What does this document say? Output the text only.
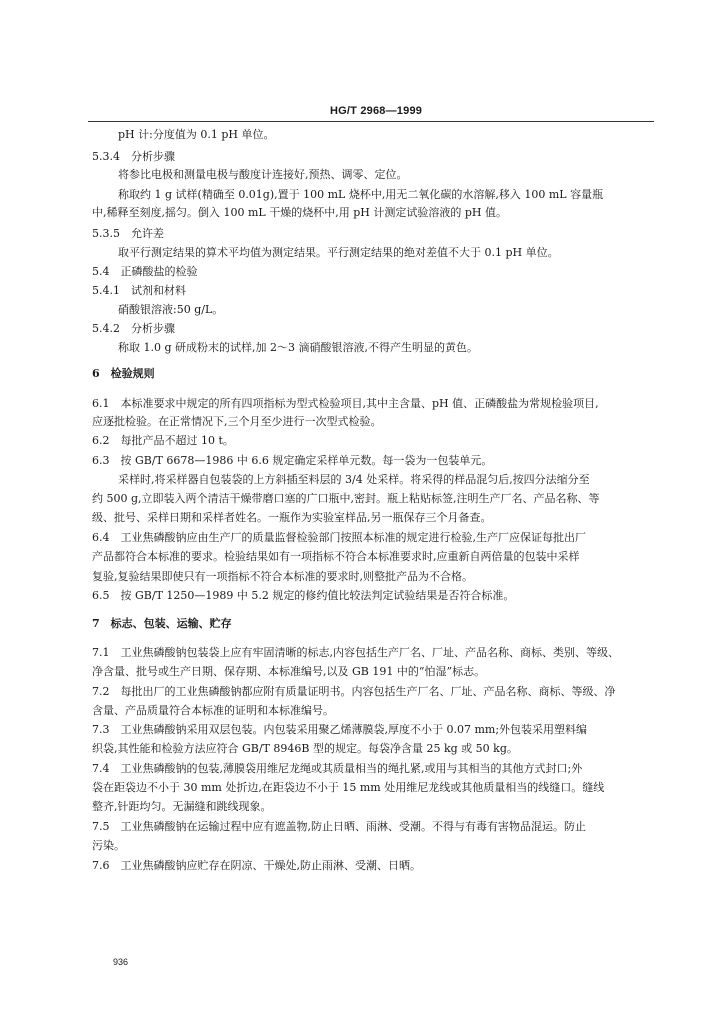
HG/T 2968—1999
pH 计:分度值为 0.1 pH 单位。
5.3.4　分析步骤
将参比电极和测量电极与酸度计连接好,预热、调零、定位。
称取约 1 g 试样(精确至 0.01g),置于 100 mL 烧杯中,用无二氧化碳的水溶解,移入 100 mL 容量瓶
中,稀释至刻度,摇匀。倒入 100 mL 干燥的烧杯中,用 pH 计测定试验溶液的 pH 值。
5.3.5　允许差
取平行测定结果的算术平均值为测定结果。平行测定结果的绝对差值不大于 0.1 pH 单位。
5.4　正磷酸盐的检验
5.4.1　试剂和材料
硝酸银溶液:50 g/L。
5.4.2　分析步骤
称取 1.0 g 研成粉末的试样,加 2～3 滴硝酸银溶液,不得产生明显的黄色。
6　检验规则
6.1　本标准要求中规定的所有四项指标为型式检验项目,其中主含量、pH 值、正磷酸盐为常规检验项目,
应逐批检验。在正常情况下,三个月至少进行一次型式检验。
6.2　每批产品不超过 10 t。
6.3　按 GB/T 6678—1986 中 6.6 规定确定采样单元数。每一袋为一包装单元。
采样时,将采样器自包装袋的上方斜插至料层的 3/4 处采样。将采得的样品混匀后,按四分法缩分至
约 500 g,立即装入两个清洁干燥带磨口塞的广口瓶中,密封。瓶上粘贴标签,注明生产厂名、产品名称、等
级、批号、采样日期和采样者姓名。一瓶作为实验室样品,另一瓶保存三个月备查。
6.4　工业焦磷酸钠应由生产厂的质量监督检验部门按照本标准的规定进行检验,生产厂应保证每批出厂
产品都符合本标准的要求。检验结果如有一项指标不符合本标准要求时,应重新自两倍量的包装中采样
复验,复验结果即使只有一项指标不符合本标准的要求时,则整批产品为不合格。
6.5　按 GB/T 1250—1989 中 5.2 规定的修约值比较法判定试验结果是否符合标准。
7　标志、包装、运输、贮存
7.1　工业焦磷酸钠包装袋上应有牢固清晰的标志,内容包括生产厂名、厂址、产品名称、商标、类别、等级、
净含量、批号或生产日期、保存期、本标准编号,以及 GB 191 中的“怕湿”标志。
7.2　每批出厂的工业焦磷酸钠都应附有质量证明书。内容包括生产厂名、厂址、产品名称、商标、等级、净
含量、产品质量符合本标准的证明和本标准编号。
7.3　工业焦磷酸钠采用双层包装。内包装采用聚乙烯薄膜袋,厚度不小于 0.07 mm;外包装采用塑料编
织袋,其性能和检验方法应符合 GB/T 8946B 型的规定。每袋净含量 25 kg 或 50 kg。
7.4　工业焦磷酸钠的包装,薄膜袋用维尼龙绳或其质量相当的绳扎紧,或用与其相当的其他方式封口;外
袋在距袋边不小于 30 mm 处折边,在距袋边不小于 15 mm 处用维尼龙线或其他质量相当的线缝口。缝线
整齐,针距均匀。无漏缝和跳线现象。
7.5　工业焦磷酸钠在运输过程中应有遮盖物,防止日晒、雨淋、受潮。不得与有毒有害物品混运。防止
污染。
7.6　工业焦磷酸钠应贮存在阴凉、干燥处,防止雨淋、受潮、日晒。
936
